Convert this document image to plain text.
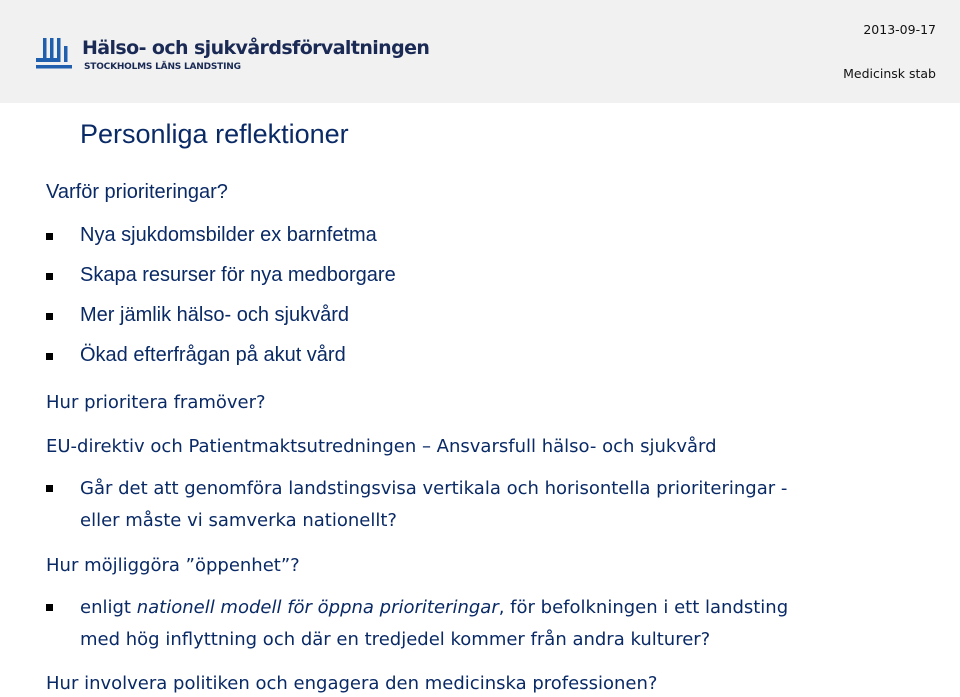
Hälso- och sjukvårdsförvaltningen
STOCKHOLMS LÄNS LANDSTING
2013-09-17
Medicinsk stab
Personliga reflektioner
Varför prioriteringar?
Nya sjukdomsbilder ex barnfetma
Skapa resurser för nya medborgare
Mer jämlik hälso- och sjukvård
Ökad efterfrågan på akut vård
Hur prioritera framöver?
EU-direktiv och Patientmaktsutredningen – Ansvarsfull hälso- och sjukvård
Går det att genomföra landstingsvisa vertikala och horisontella prioriteringar -
eller måste vi samverka nationellt?
Hur möjliggöra ”öppenhet”?
enligt nationell modell för öppna prioriteringar, för befolkningen i ett landsting
med hög inflyttning och där en tredjedel kommer från andra kulturer?
Hur involvera politiken och engagera den medicinska professionen?
